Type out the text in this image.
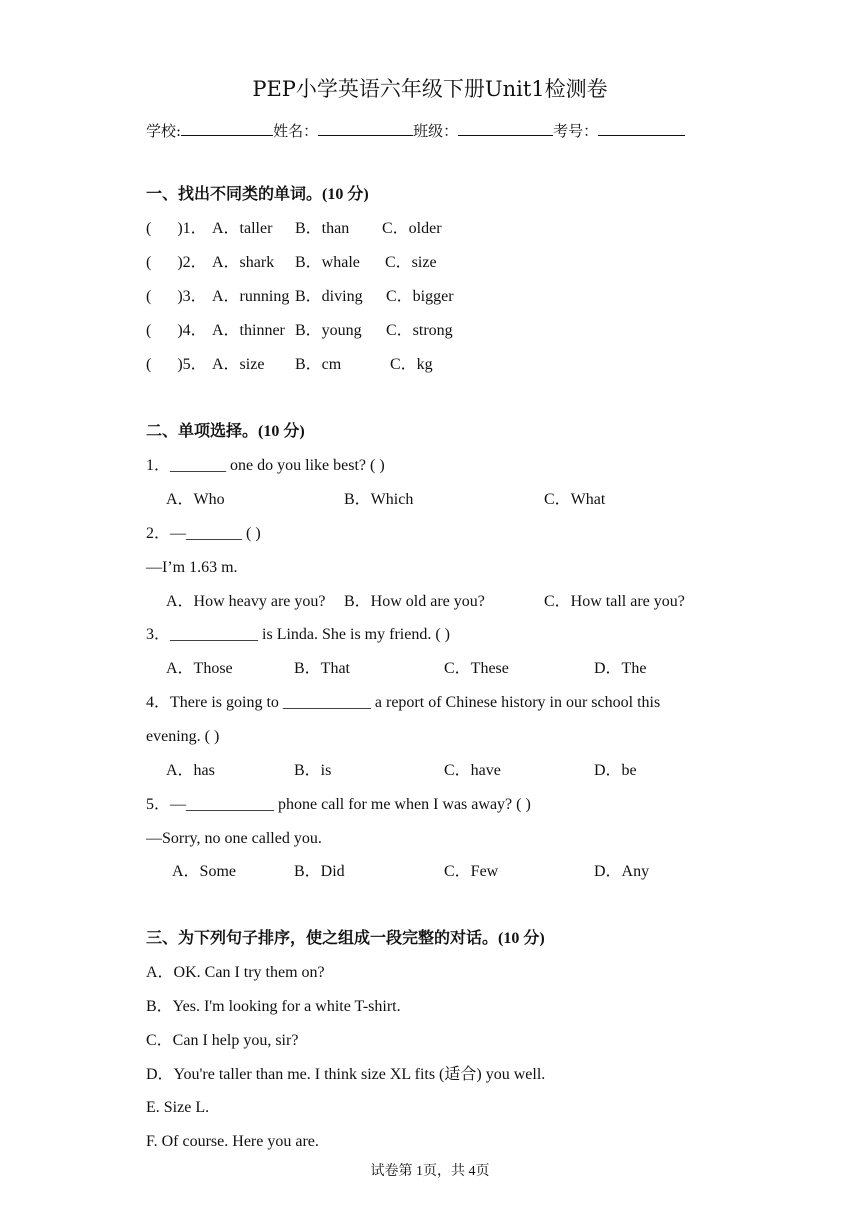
PEP小学英语六年级下册Unit1检测卷
学校:	姓名：	班级：	考号：
一、找出不同类的单词。(10 分)
( )1． A．taller B．than C．older
( )2． A．shark B．whale C．size
( )3． A．running B．diving C．bigger
( )4． A．thinner B．young C．strong
( )5． A．size B．cm	C．kg
二、单项选择。(10 分)
1．_______ one do you like best? ( )
A．Who	B．Which	C．What
2．—_______ ( )
—I’m 1.63 m.
A．How heavy are you? B．How old are you?	C．How tall are you?
3．___________ is Linda. She is my friend. ( )
A．Those	B．That	C．These	D．The
4．There is going to ___________ a report of Chinese history in our school this
evening. ( )
A．has	B．is	C．have	D．be
5．—___________ phone call for me when I was away? ( )
—Sorry, no one called you.
A．Some	B．Did	C．Few	D．Any
三、为下列句子排序，使之组成一段完整的对话。(10 分)
A．OK. Can I try them on?
B．Yes. I'm looking for a white T-shirt.
C．Can I help you, sir?
D．You're taller than me. I think size XL fits (适合) you well.
E. Size L.
F. Of course. Here you are.
试卷第 1页，共 4页
